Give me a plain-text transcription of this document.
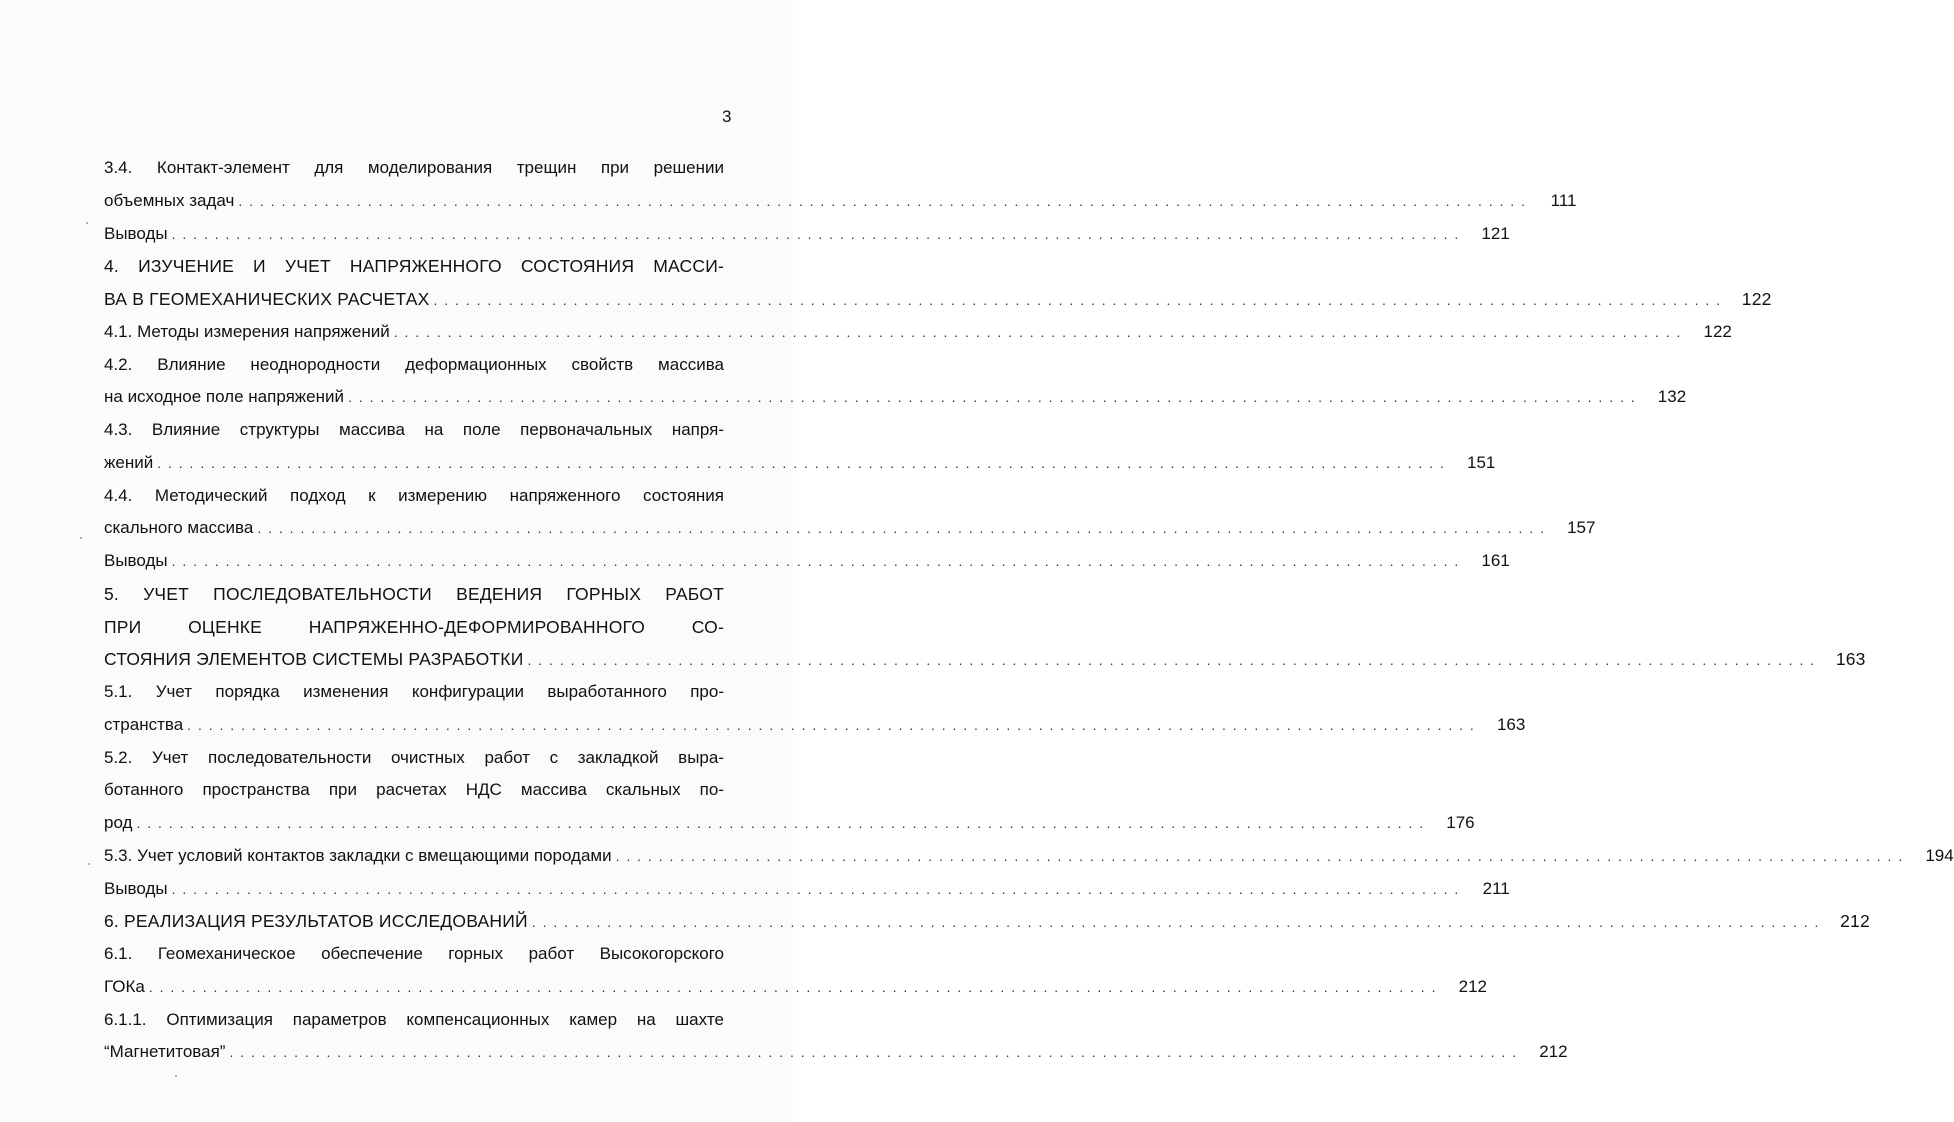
3
3.4. Контакт-элемент для моделирования трещин при решении
объемных задач . . . . . . . . . . . . . . . . . . . . . . . . . . . . . . . . . . . . . . . . . . . . . . . . . . . . . . . . . . . . . . . . . . . . . . . . . . . . . . . . . . . . . . . . . . . . . . . . . . . . . . . . . . . . . . . . . . . . . . . .	111
Выводы . . . . . . . . . . . . . . . . . . . . . . . . . . . . . . . . . . . . . . . . . . . . . . . . . . . . . . . . . . . . . . . . . . . . . . . . . . . . . . . . . . . . . . . . . . . . . . . . . . . . . . . . . . . . . . . . . . . . . . . .	121
4. ИЗУЧЕНИЕ И УЧЕТ НАПРЯЖЕННОГО СОСТОЯНИЯ МАССИ-
ВА В ГЕОМЕХАНИЧЕСКИХ РАСЧЕТАХ . . . . . . . . . . . . . . . . . . . . . . . . . . . . . . . . . . . . . . . . . . . . . . . . . . . . . . . . . . . . . . . . . . . . . . . . . . . . . . . . . . . . . . . . . . . . . . . . . . . . . . . . . . . . . . . . . . . . . . . .	122
4.1. Методы измерения напряжений . . . . . . . . . . . . . . . . . . . . . . . . . . . . . . . . . . . . . . . . . . . . . . . . . . . . . . . . . . . . . . . . . . . . . . . . . . . . . . . . . . . . . . . . . . . . . . . . . . . . . . . . . . . . . . . . . . . . . . . .	122
4.2. Влияние неоднородности деформационных свойств массива
на исходное поле напряжений . . . . . . . . . . . . . . . . . . . . . . . . . . . . . . . . . . . . . . . . . . . . . . . . . . . . . . . . . . . . . . . . . . . . . . . . . . . . . . . . . . . . . . . . . . . . . . . . . . . . . . . . . . . . . . . . . . . . . . . .	132
4.3. Влияние структуры массива на поле первоначальных напря-
жений . . . . . . . . . . . . . . . . . . . . . . . . . . . . . . . . . . . . . . . . . . . . . . . . . . . . . . . . . . . . . . . . . . . . . . . . . . . . . . . . . . . . . . . . . . . . . . . . . . . . . . . . . . . . . . . . . . . . . . . .	151
4.4. Методический подход к измерению напряженного состояния
скального массива . . . . . . . . . . . . . . . . . . . . . . . . . . . . . . . . . . . . . . . . . . . . . . . . . . . . . . . . . . . . . . . . . . . . . . . . . . . . . . . . . . . . . . . . . . . . . . . . . . . . . . . . . . . . . . . . . . . . . . . .	157
Выводы . . . . . . . . . . . . . . . . . . . . . . . . . . . . . . . . . . . . . . . . . . . . . . . . . . . . . . . . . . . . . . . . . . . . . . . . . . . . . . . . . . . . . . . . . . . . . . . . . . . . . . . . . . . . . . . . . . . . . . . .	161
5. УЧЕТ ПОСЛЕДОВАТЕЛЬНОСТИ ВЕДЕНИЯ ГОРНЫХ РАБОТ
ПРИ ОЦЕНКЕ НАПРЯЖЕННО-ДЕФОРМИРОВАННОГО СО-
СТОЯНИЯ ЭЛЕМЕНТОВ СИСТЕМЫ РАЗРАБОТКИ . . . . . . . . . . . . . . . . . . . . . . . . . . . . . . . . . . . . . . . . . . . . . . . . . . . . . . . . . . . . . . . . . . . . . . . . . . . . . . . . . . . . . . . . . . . . . . . . . . . . . . . . . . . . . . . . . . . . . . . .	163
5.1. Учет порядка изменения конфигурации выработанного про-
странства . . . . . . . . . . . . . . . . . . . . . . . . . . . . . . . . . . . . . . . . . . . . . . . . . . . . . . . . . . . . . . . . . . . . . . . . . . . . . . . . . . . . . . . . . . . . . . . . . . . . . . . . . . . . . . . . . . . . . . . .	163
5.2. Учет последовательности очистных работ с закладкой выра-
ботанного пространства при расчетах НДС массива скальных по-
род . . . . . . . . . . . . . . . . . . . . . . . . . . . . . . . . . . . . . . . . . . . . . . . . . . . . . . . . . . . . . . . . . . . . . . . . . . . . . . . . . . . . . . . . . . . . . . . . . . . . . . . . . . . . . . . . . . . . . . . .	176
5.3. Учет условий контактов закладки с вмещающими породами . . . . . . . . . . . . . . . . . . . . . . . . . . . . . . . . . . . . . . . . . . . . . . . . . . . . . . . . . . . . . . . . . . . . . . . . . . . . . . . . . . . . . . . . . . . . . . . . . . . . . . . . . . . . . . . . . . . . . . . .	194
Выводы . . . . . . . . . . . . . . . . . . . . . . . . . . . . . . . . . . . . . . . . . . . . . . . . . . . . . . . . . . . . . . . . . . . . . . . . . . . . . . . . . . . . . . . . . . . . . . . . . . . . . . . . . . . . . . . . . . . . . . . .	211
6. РЕАЛИЗАЦИЯ РЕЗУЛЬТАТОВ ИССЛЕДОВАНИЙ . . . . . . . . . . . . . . . . . . . . . . . . . . . . . . . . . . . . . . . . . . . . . . . . . . . . . . . . . . . . . . . . . . . . . . . . . . . . . . . . . . . . . . . . . . . . . . . . . . . . . . . . . . . . . . . . . . . . . . . .	212
6.1. Геомеханическое обеспечение горных работ Высокогорского
ГОКа . . . . . . . . . . . . . . . . . . . . . . . . . . . . . . . . . . . . . . . . . . . . . . . . . . . . . . . . . . . . . . . . . . . . . . . . . . . . . . . . . . . . . . . . . . . . . . . . . . . . . . . . . . . . . . . . . . . . . . . .	212
6.1.1. Оптимизация параметров компенсационных камер на шахте
“Магнетитовая” . . . . . . . . . . . . . . . . . . . . . . . . . . . . . . . . . . . . . . . . . . . . . . . . . . . . . . . . . . . . . . . . . . . . . . . . . . . . . . . . . . . . . . . . . . . . . . . . . . . . . . . . . . . . . . . . . . . . . . . .	212
